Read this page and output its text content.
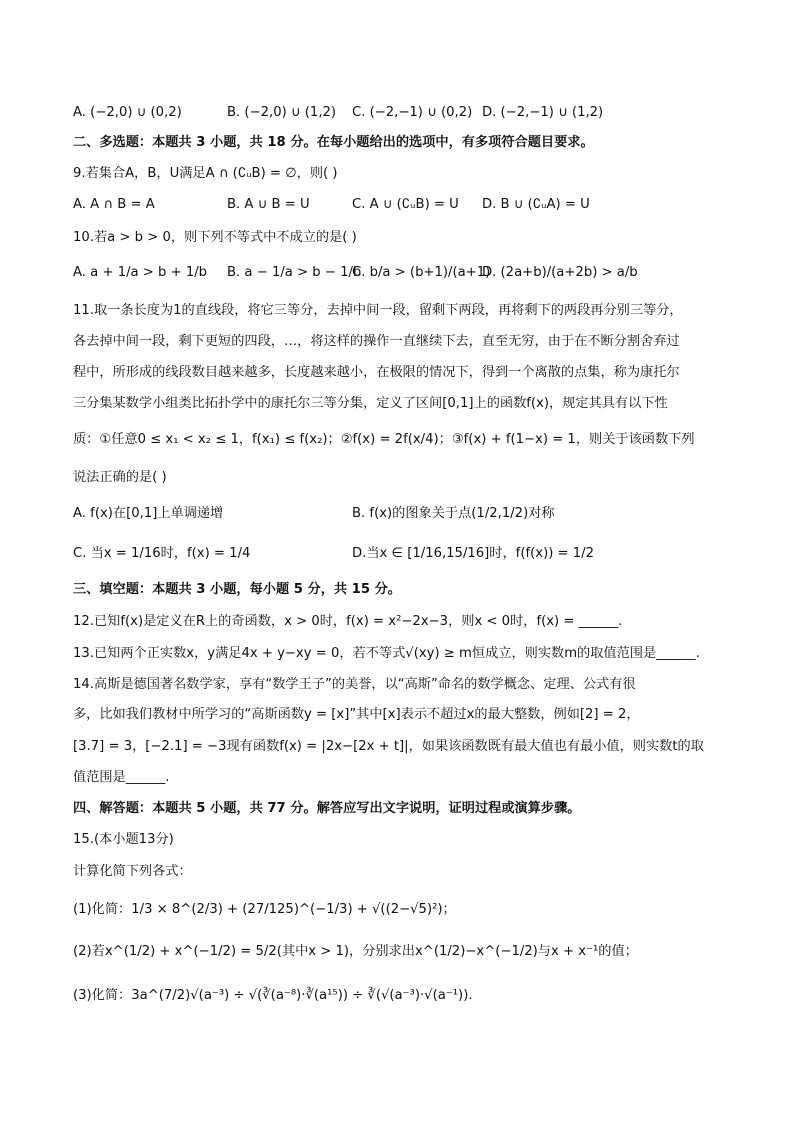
A. (−2,0) ∪ (0,2)	B. (−2,0) ∪ (1,2) C. (−2,−1) ∪ (0,2) D. (−2,−1) ∪ (1,2)
二、多选题：本题共 3 小题，共 18 分。在每小题给出的选项中，有多项符合题目要求。
9.若集合A，B，U满足A ∩ (∁ᵤB) = ∅，则( )
A. A ∩ B = A	B. A ∪ B = U	C. A ∪ (∁ᵤB) = U D. B ∪ (∁ᵤA) = U
10.若a > b > 0，则下列不等式中不成立的是( )
A. a + 1/a > b + 1/b B. a − 1/a > b − 1/b
C. b/a > (b+1)/(a+1)
D. (2a+b)/(a+2b) > a/b
11.取一条长度为1的直线段，将它三等分，去掉中间一段，留剩下两段，再将剩下的两段再分别三等分，
各去掉中间一段，剩下更短的四段，…，将这样的操作一直继续下去，直至无穷，由于在不断分割舍弃过
程中，所形成的线段数目越来越多，长度越来越小，在极限的情况下，得到一个离散的点集，称为康托尔
三分集某数学小组类比拓扑学中的康托尔三等分集，定义了区间[0,1]上的函数f(x)，规定其具有以下性
质：①任意0 ≤ x₁ < x₂ ≤ 1，f(x₁) ≤ f(x₂)；②f(x) = 2f(x/4)；③f(x) + f(1−x) = 1，则关于该函数下列
说法正确的是( )
A. f(x)在[0,1]上单调递增	B. f(x)的图象关于点(1/2,1/2)对称
C. 当x = 1/16时，f(x) = 1/4	D.当x ∈ [1/16,15/16]时，f(f(x)) = 1/2
三、填空题：本题共 3 小题，每小题 5 分，共 15 分。
12.已知f(x)是定义在R上的奇函数，x > 0时，f(x) = x²−2x−3，则x < 0时，f(x) = ______.
13.已知两个正实数x，y满足4x + y−xy = 0，若不等式√(xy) ≥ m恒成立，则实数m的取值范围是______.
14.高斯是德国著名数学家，享有“数学王子”的美誉，以“高斯”命名的数学概念、定理、公式有很
多，比如我们教材中所学习的“高斯函数y = [x]”其中[x]表示不超过x的最大整数，例如[2] = 2，
[3.7] = 3，[−2.1] = −3现有函数f(x) = |2x−[2x + t]|，如果该函数既有最大值也有最小值，则实数t的取
值范围是______.
四、解答题：本题共 5 小题，共 77 分。解答应写出文字说明，证明过程或演算步骤。
15.(本小题13分)
计算化简下列各式：
(1)化简：1/3 × 8^(2/3) + (27/125)^(−1/3) + √((2−√5)²)；
(2)若x^(1/2) + x^(−1/2) = 5/2(其中x > 1)，分别求出x^(1/2)−x^(−1/2)与x + x⁻¹的值；
(3)化简：3a^(7/2)√(a⁻³) ÷ √(∛(a⁻⁸)·∛(a¹⁵)) ÷ ∛(√(a⁻³)·√(a⁻¹)).
